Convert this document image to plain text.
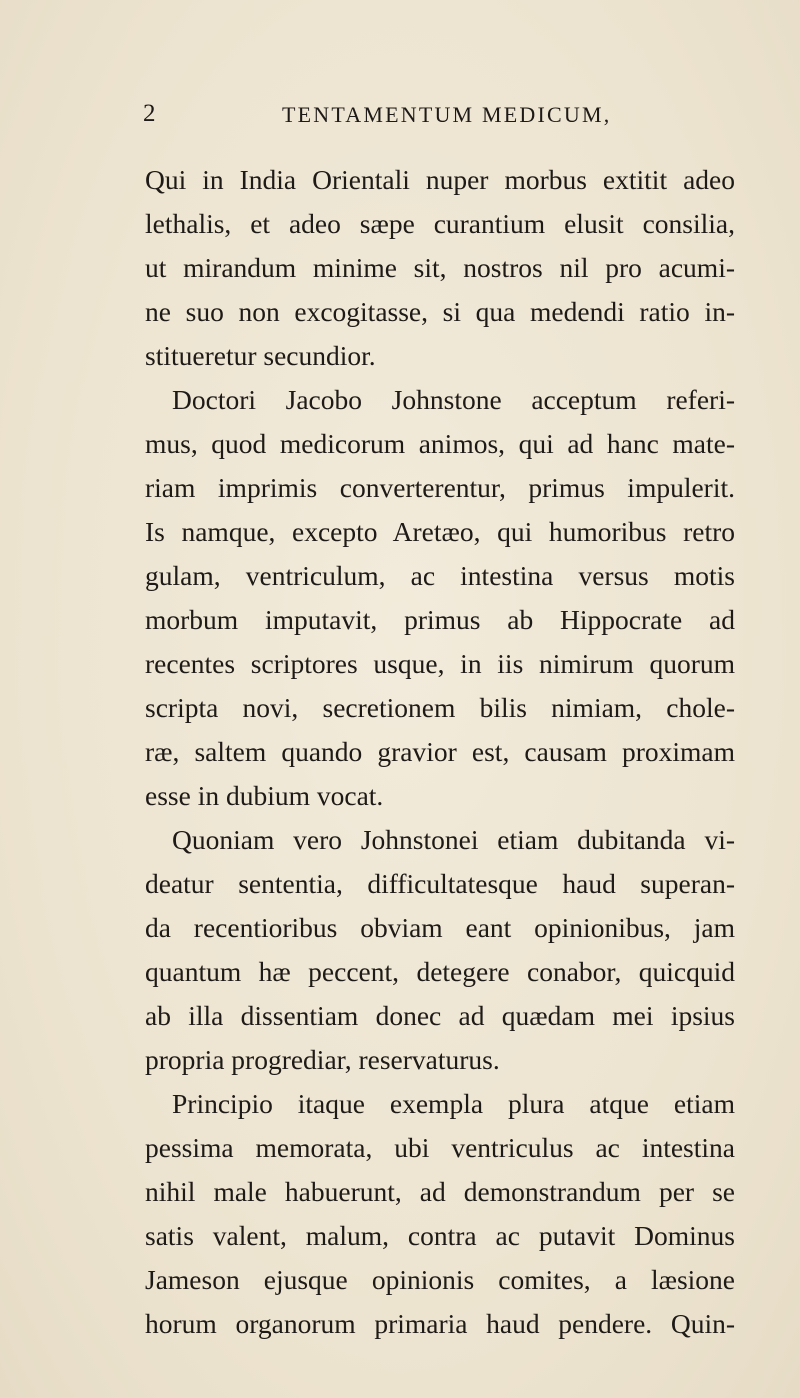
2	TENTAMENTUM MEDICUM,
Qui in India Orientali nuper morbus extitit adeo
lethalis, et adeo sæpe curantium elusit consilia,
ut mirandum minime sit, nostros nil pro acumi-
ne suo non excogitasse, si qua medendi ratio in-
stitueretur secundior.
Doctori Jacobo Johnstone acceptum referi-
mus, quod medicorum animos, qui ad hanc mate-
riam imprimis converterentur, primus impulerit.
Is namque, excepto Aretæo, qui humoribus retro
gulam, ventriculum, ac intestina versus motis
morbum imputavit, primus ab Hippocrate ad
recentes scriptores usque, in iis nimirum quorum
scripta novi, secretionem bilis nimiam, chole-
ræ, saltem quando gravior est, causam proximam
esse in dubium vocat.
Quoniam vero Johnstonei etiam dubitanda vi-
deatur sententia, difficultatesque haud superan-
da recentioribus obviam eant opinionibus, jam
quantum hæ peccent, detegere conabor, quicquid
ab illa dissentiam donec ad quædam mei ipsius
propria progrediar, reservaturus.
Principio itaque exempla plura atque etiam
pessima memorata, ubi ventriculus ac intestina
nihil male habuerunt, ad demonstrandum per se
satis valent, malum, contra ac putavit Dominus
Jameson ejusque opinionis comites, a læsione
horum organorum primaria haud pendere. Quin-
